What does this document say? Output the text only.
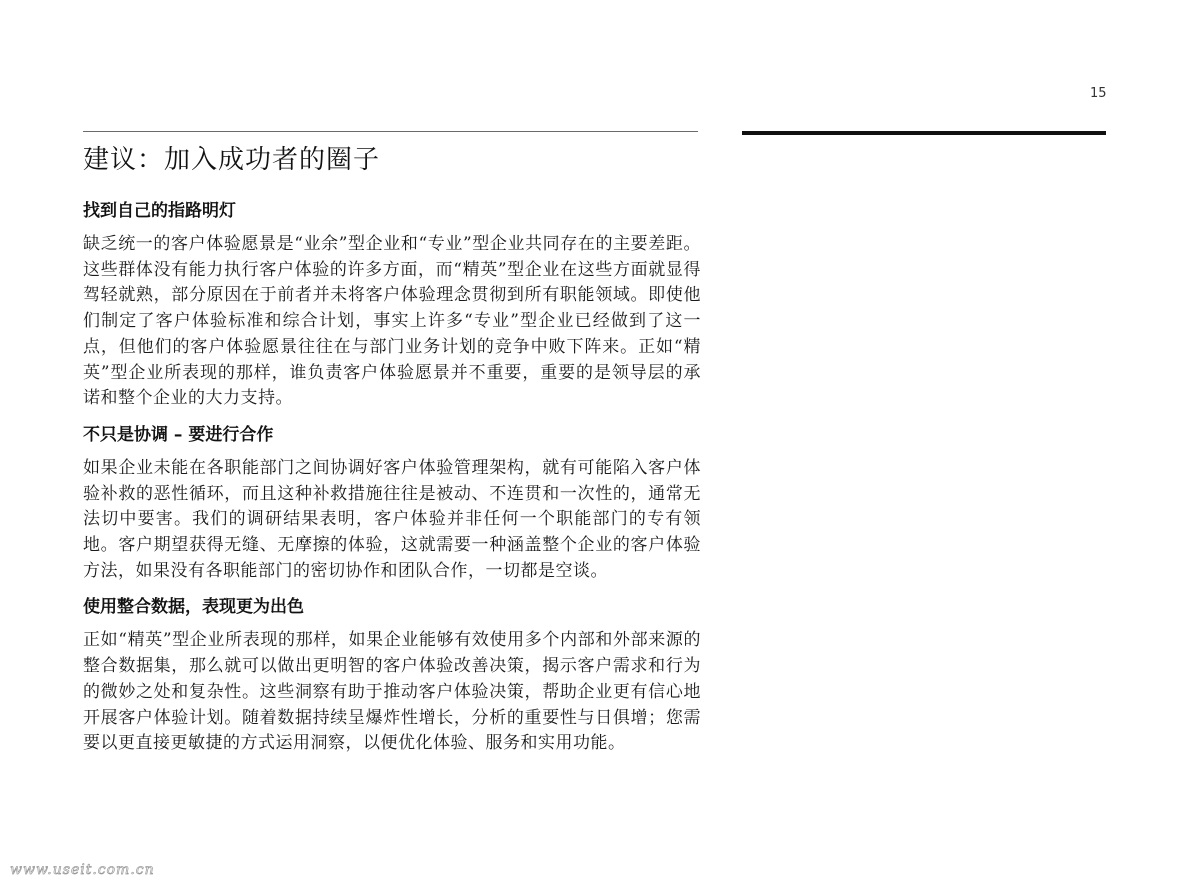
15
建议：加入成功者的圈子
找到自己的指路明灯

缺乏统一的客户体验愿景是“业余”型企业和“专业”型企业共同存在的主要差距。这些群体没有能力执行客户体验的许多方面，而“精英”型企业在这些方面就显得驾轻就熟，部分原因在于前者并未将客户体验理念贯彻到所有职能领域。即使他们制定了客户体验标准和综合计划，事实上许多“专业”型企业已经做到了这一点，但他们的客户体验愿景往往在与部门业务计划的竞争中败下阵来。正如“精英”型企业所表现的那样，谁负责客户体验愿景并不重要，重要的是领导层的承诺和整个企业的大力支持。

不只是协调 – 要进行合作

如果企业未能在各职能部门之间协调好客户体验管理架构，就有可能陷入客户体验补救的恶性循环，而且这种补救措施往往是被动、不连贯和一次性的，通常无法切中要害。我们的调研结果表明，客户体验并非任何一个职能部门的专有领地。客户期望获得无缝、无摩擦的体验，这就需要一种涵盖整个企业的客户体验方法，如果没有各职能部门的密切协作和团队合作，一切都是空谈。

使用整合数据，表现更为出色

正如“精英”型企业所表现的那样，如果企业能够有效使用多个内部和外部来源的整合数据集，那么就可以做出更明智的客户体验改善决策，揭示客户需求和行为的微妙之处和复杂性。这些洞察有助于推动客户体验决策，帮助企业更有信心地开展客户体验计划。随着数据持续呈爆炸性增长，分析的重要性与日俱增；您需要以更直接更敏捷的方式运用洞察，以便优化体验、服务和实用功能。

www.useit.com.cn
